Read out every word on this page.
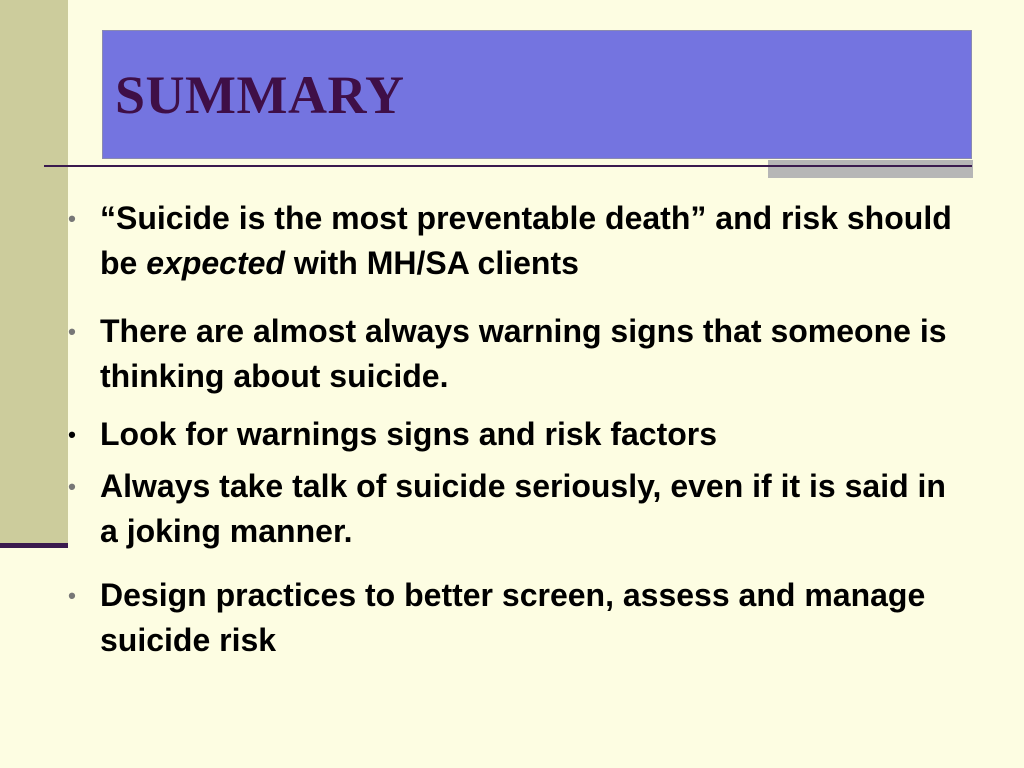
SUMMARY
• “Suicide is the most preventable death” and risk should be expected with MH/SA clients
• There are almost always warning signs that someone is thinking about suicide.
• Look for warnings signs and risk factors
• Always take talk of suicide seriously, even if it is said in a joking manner.
• Design practices to better screen, assess and manage suicide risk
